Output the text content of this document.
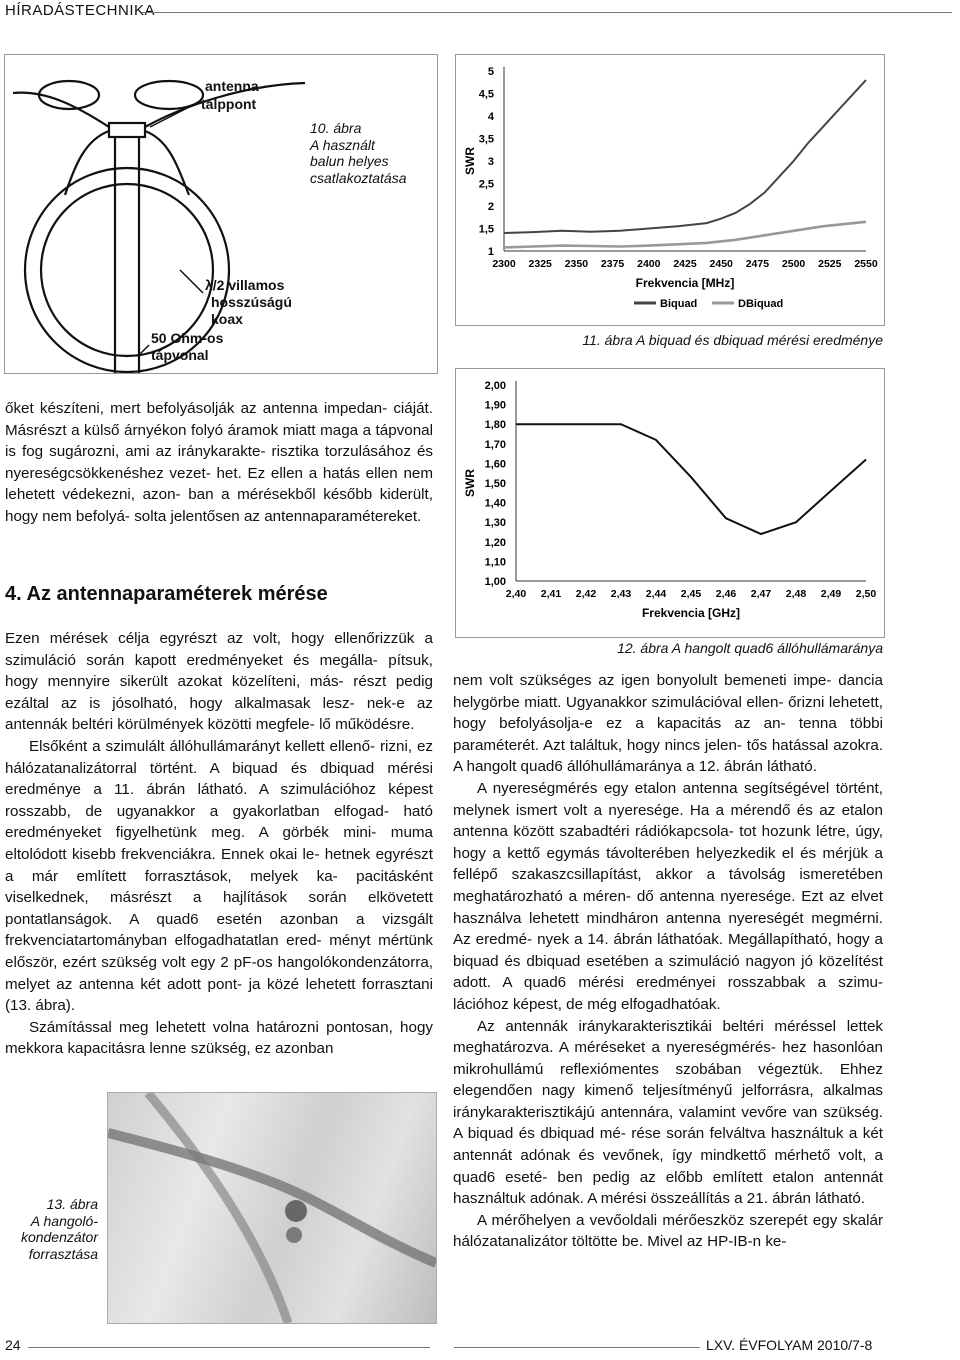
HÍRADÁSTECHNIKA
antenna
talppont
λ/2 villamos
hosszúságú
koax
50 Ohm-os
tápvonal
10. ábra
A használt
balun helyes
csatlakoztatása
5
4,5
4
3,5
3
2,5
2
1,5
1
2300 2325 2350 2375 2400 2425 2450 2475 2500 2525 2550
SWR
Frekvencia [MHz]
Biquad	DBiquad
11. ábra A biquad és dbiquad mérési eredménye
2,00
1,90
1,80
1,70
1,60
1,50
1,40
1,30
1,20
1,10
1,00
2,40 2,41 2,42 2,43 2,44 2,45 2,46 2,47 2,48 2,49 2,50
SWR
Frekvencia [GHz]
12. ábra A hangolt quad6 állóhullámaránya

őket készíteni, mert befolyásolják az antenna impedan- ciáját. Másrészt a külső árnyékon folyó áramok miatt maga a tápvonal is fog sugározni, ami az iránykarakte- risztika torzulásához és nyereségcsökkenéshez vezet- het. Ez ellen a hatás ellen nem lehetett védekezni, azon- ban a mérésekből később kiderült, hogy nem befolyá- solta jelentősen az antennaparamétereket.

4. Az antennaparaméterek mérése

Ezen mérések célja egyrészt az volt, hogy ellenőrizzük a szimuláció során kapott eredményeket és megálla- pítsuk, hogy mennyire sikerült azokat közelíteni, más- részt pedig ezáltal az is jósolható, hogy alkalmasak lesz- nek-e az antennák beltéri körülmények közötti megfele- lő működésre.

Elsőként a szimulált állóhullámarányt kellett ellenő- rizni, ez hálózatanalizátorral történt. A biquad és dbiquad mérési eredménye a 11. ábrán látható. A szimulációhoz képest rosszabb, de ugyanakkor a gyakorlatban elfogad- ható eredményeket figyelhetünk meg. A görbék mini- muma eltolódott kisebb frekvenciákra. Ennek okai le- hetnek egyrészt a már említett forrasztások, melyek ka- pacitásként viselkednek, másrészt a hajlítások során elkövetett pontatlanságok. A quad6 esetén azonban a vizsgált frekvenciatartományban elfogadhatatlan ered- ményt mértünk először, ezért szükség volt egy 2 pF-os hangolókondenzátorra, melyet az antenna két adott pont- ja közé lehetett forrasztani (13. ábra).

Számítással meg lehetett volna határozni pontosan, hogy mekkora kapacitásra lenne szükség, ez azonban

13. ábra
A hangoló-
kondenzátor
forrasztása

nem volt szükséges az igen bonyolult bemeneti impe- dancia helygörbe miatt. Ugyanakkor szimulációval ellen- őrizni lehetett, hogy befolyásolja-e ez a kapacitás az an- tenna többi paraméterét. Azt találtuk, hogy nincs jelen- tős hatással azokra. A hangolt quad6 állóhullámaránya a 12. ábrán látható.

A nyereségmérés egy etalon antenna segítségével történt, melynek ismert volt a nyeresége. Ha a mérendő és az etalon antenna között szabadtéri rádiókapcsola- tot hozunk létre, úgy, hogy a kettő egymás távolterében helyezkedik el és mérjük a fellépő szakaszcsillapítást, akkor a távolság ismeretében meghatározható a méren- dő antenna nyeresége. Ezt az elvet használva lehetett mindháron antenna nyereségét megmérni. Az eredmé- nyek a 14. ábrán láthatóak. Megállapítható, hogy a biquad és dbiquad esetében a szimuláció nagyon jó közelítést adott. A quad6 mérési eredményei rosszabbak a szimu- lációhoz képest, de még elfogadhatóak.

Az antennák iránykarakterisztikái beltéri méréssel lettek meghatározva. A méréseket a nyereségmérés- hez hasonlóan mikrohullámú reflexiómentes szobában végeztük. Ehhez elegendően nagy kimenő teljesítményű jelforrásra, alkalmas iránykarakterisztikájú antennára, valamint vevőre van szükség. A biquad és dbiquad mé- rése során felváltva használtuk a két antennát adónak és vevőnek, így mindkettő mérhető volt, a quad6 eseté- ben pedig az előbb említett etalon antennát használtuk adónak. A mérési összeállítás a 21. ábrán látható.

A mérőhelyen a vevőoldali mérőeszköz szerepét egy skalár hálózatanalizátor töltötte be. Mivel az HP-IB-n ke-

24	LXV. ÉVFOLYAM 2010/7-8
